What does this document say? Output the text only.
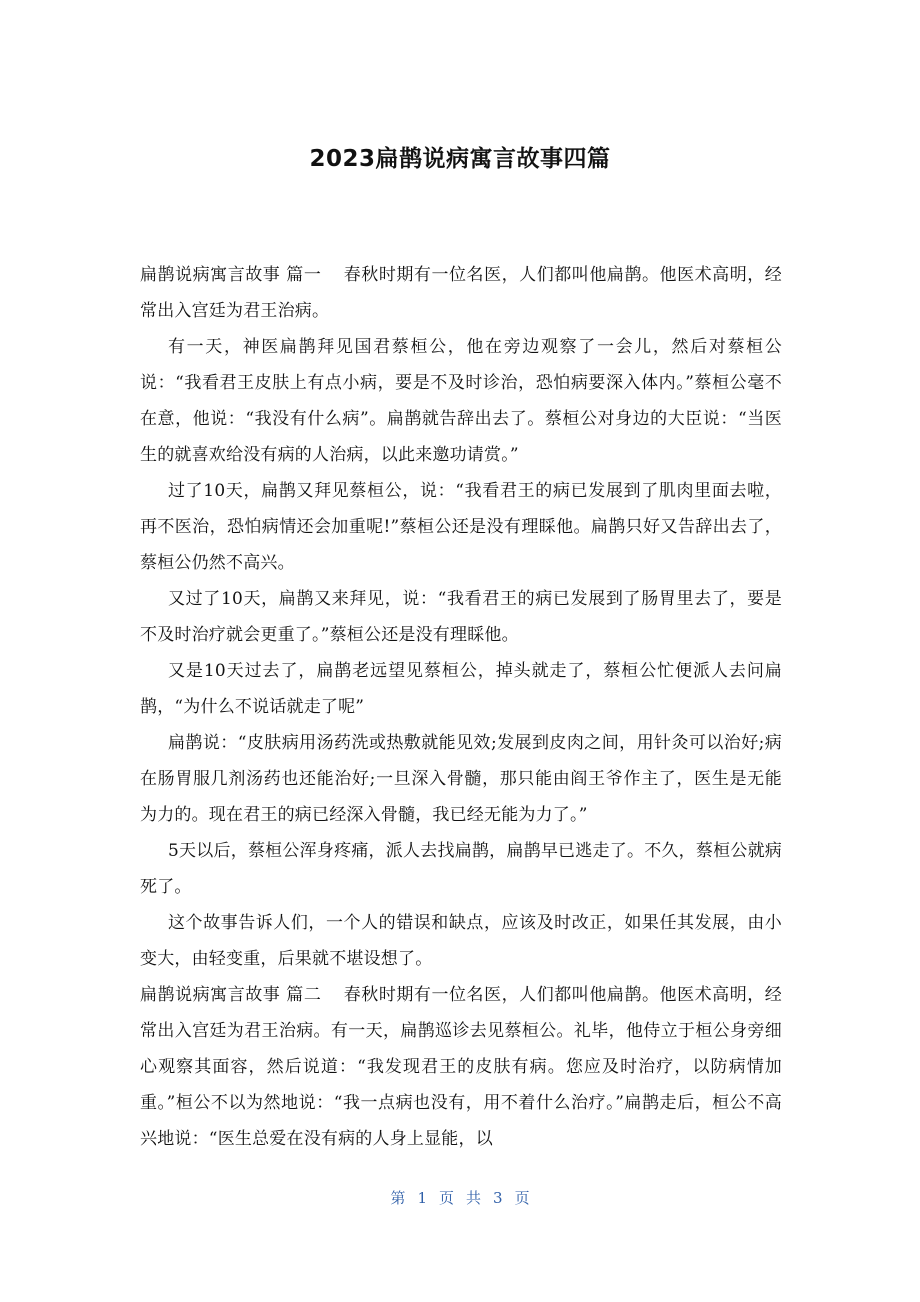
2023扁鹊说病寓言故事四篇

扁鹊说病寓言故事 篇一 春秋时期有一位名医，人们都叫他扁鹊。他医术高明，经常出入宫廷为君王治病。

有一天，神医扁鹊拜见国君蔡桓公，他在旁边观察了一会儿，然后对蔡桓公说：“我看君王皮肤上有点小病，要是不及时诊治，恐怕病要深入体内。”蔡桓公毫不在意，他说：“我没有什么病”。扁鹊就告辞出去了。蔡桓公对身边的大臣说：“当医生的就喜欢给没有病的人治病，以此来邀功请赏。”

过了10天，扁鹊又拜见蔡桓公，说：“我看君王的病已发展到了肌肉里面去啦，再不医治，恐怕病情还会加重呢!”蔡桓公还是没有理睬他。扁鹊只好又告辞出去了，蔡桓公仍然不高兴。

又过了10天，扁鹊又来拜见，说：“我看君王的病已发展到了肠胃里去了，要是不及时治疗就会更重了。”蔡桓公还是没有理睬他。

又是10天过去了，扁鹊老远望见蔡桓公，掉头就走了，蔡桓公忙便派人去问扁鹊，“为什么不说话就走了呢”

扁鹊说：“皮肤病用汤药洗或热敷就能见效;发展到皮肉之间，用针灸可以治好;病在肠胃服几剂汤药也还能治好;一旦深入骨髓，那只能由阎王爷作主了，医生是无能为力的。现在君王的病已经深入骨髓，我已经无能为力了。”

5天以后，蔡桓公浑身疼痛，派人去找扁鹊，扁鹊早已逃走了。不久，蔡桓公就病死了。

这个故事告诉人们，一个人的错误和缺点，应该及时改正，如果任其发展，由小变大，由轻变重，后果就不堪设想了。

扁鹊说病寓言故事 篇二 春秋时期有一位名医，人们都叫他扁鹊。他医术高明，经常出入宫廷为君王治病。有一天，扁鹊巡诊去见蔡桓公。礼毕，他侍立于桓公身旁细心观察其面容，然后说道：“我发现君王的皮肤有病。您应及时治疗，以防病情加重。”桓公不以为然地说：“我一点病也没有，用不着什么治疗。”扁鹊走后，桓公不高兴地说：“医生总爱在没有病的人身上显能，以

第 1 页 共 3 页
